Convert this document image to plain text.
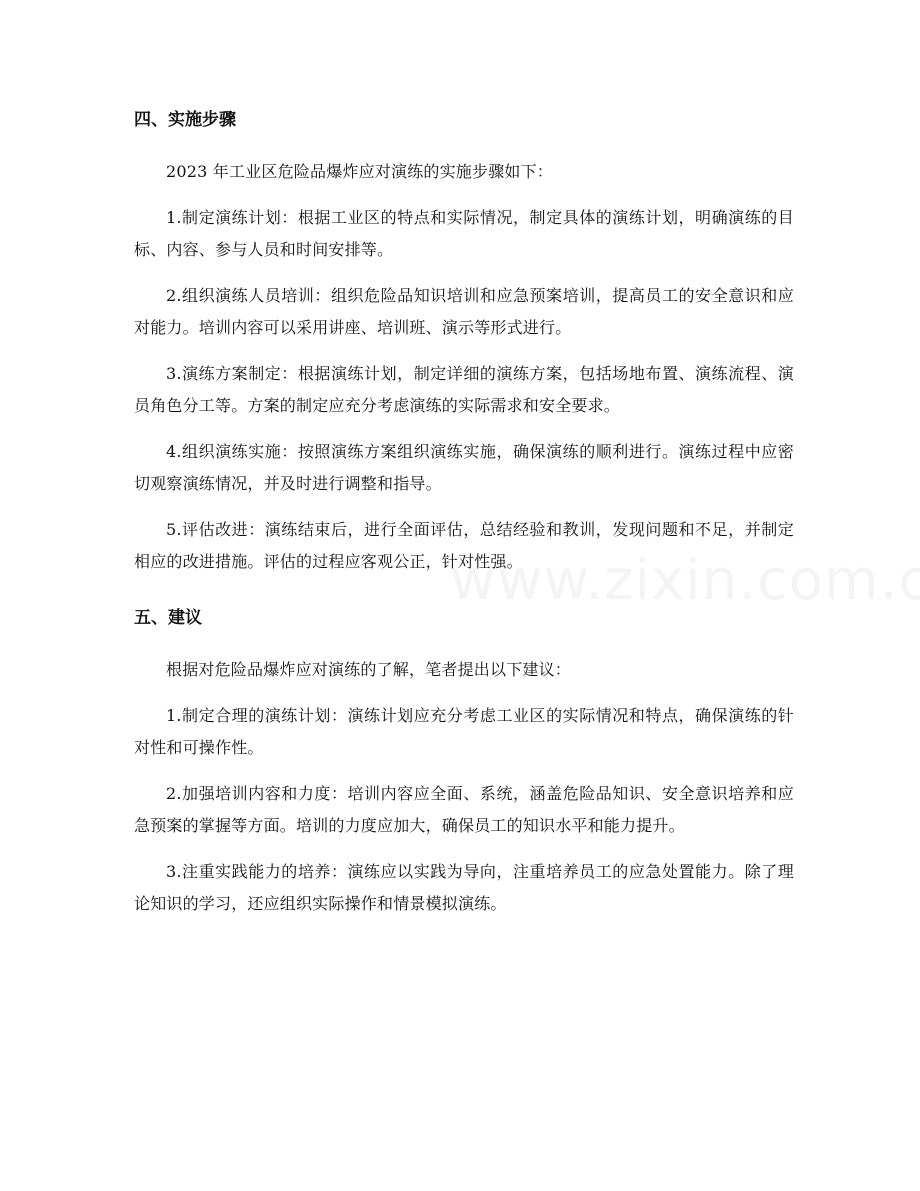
四、实施步骤

2023 年工业区危险品爆炸应对演练的实施步骤如下：

1.制定演练计划：根据工业区的特点和实际情况，制定具体的演练计划，明确演练的目标、内容、参与人员和时间安排等。

2.组织演练人员培训：组织危险品知识培训和应急预案培训，提高员工的安全意识和应对能力。培训内容可以采用讲座、培训班、演示等形式进行。

3.演练方案制定：根据演练计划，制定详细的演练方案，包括场地布置、演练流程、演员角色分工等。方案的制定应充分考虑演练的实际需求和安全要求。

4.组织演练实施：按照演练方案组织演练实施，确保演练的顺利进行。演练过程中应密切观察演练情况，并及时进行调整和指导。

5.评估改进：演练结束后，进行全面评估，总结经验和教训，发现问题和不足，并制定相应的改进措施。评估的过程应客观公正，针对性强。

五、建议

根据对危险品爆炸应对演练的了解，笔者提出以下建议：

1.制定合理的演练计划：演练计划应充分考虑工业区的实际情况和特点，确保演练的针对性和可操作性。

2.加强培训内容和力度：培训内容应全面、系统，涵盖危险品知识、安全意识培养和应急预案的掌握等方面。培训的力度应加大，确保员工的知识水平和能力提升。

3.注重实践能力的培养：演练应以实践为导向，注重培养员工的应急处置能力。除了理论知识的学习，还应组织实际操作和情景模拟演练。
